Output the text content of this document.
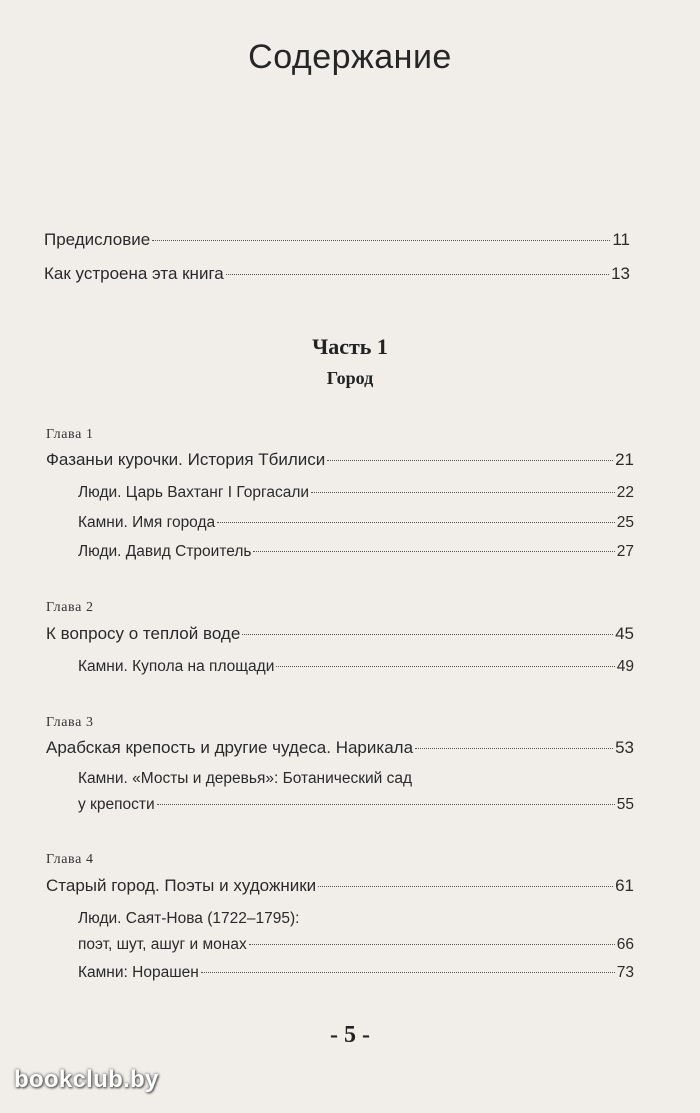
Содержание
Предисловие	11
Как устроена эта книга	13
Часть 1
Город
Глава 1
Фазаньи курочки. История Тбилиси	21
Люди. Царь Вахтанг I Горгасали	22
Камни. Имя города	25
Люди. Давид Строитель	27
Глава 2
К вопросу о теплой воде	45
Камни. Купола на площади	49
Глава 3
Арабская крепость и другие чудеса. Нарикала	53
Камни. «Мосты и деревья»: Ботанический сад
у крепости	55
Глава 4
Старый город. Поэты и художники	61
Люди. Саят-Нова (1722–1795):
поэт, шут, ашуг и монах	66
Камни: Норашен	73
- 5 -
bookclub.by
